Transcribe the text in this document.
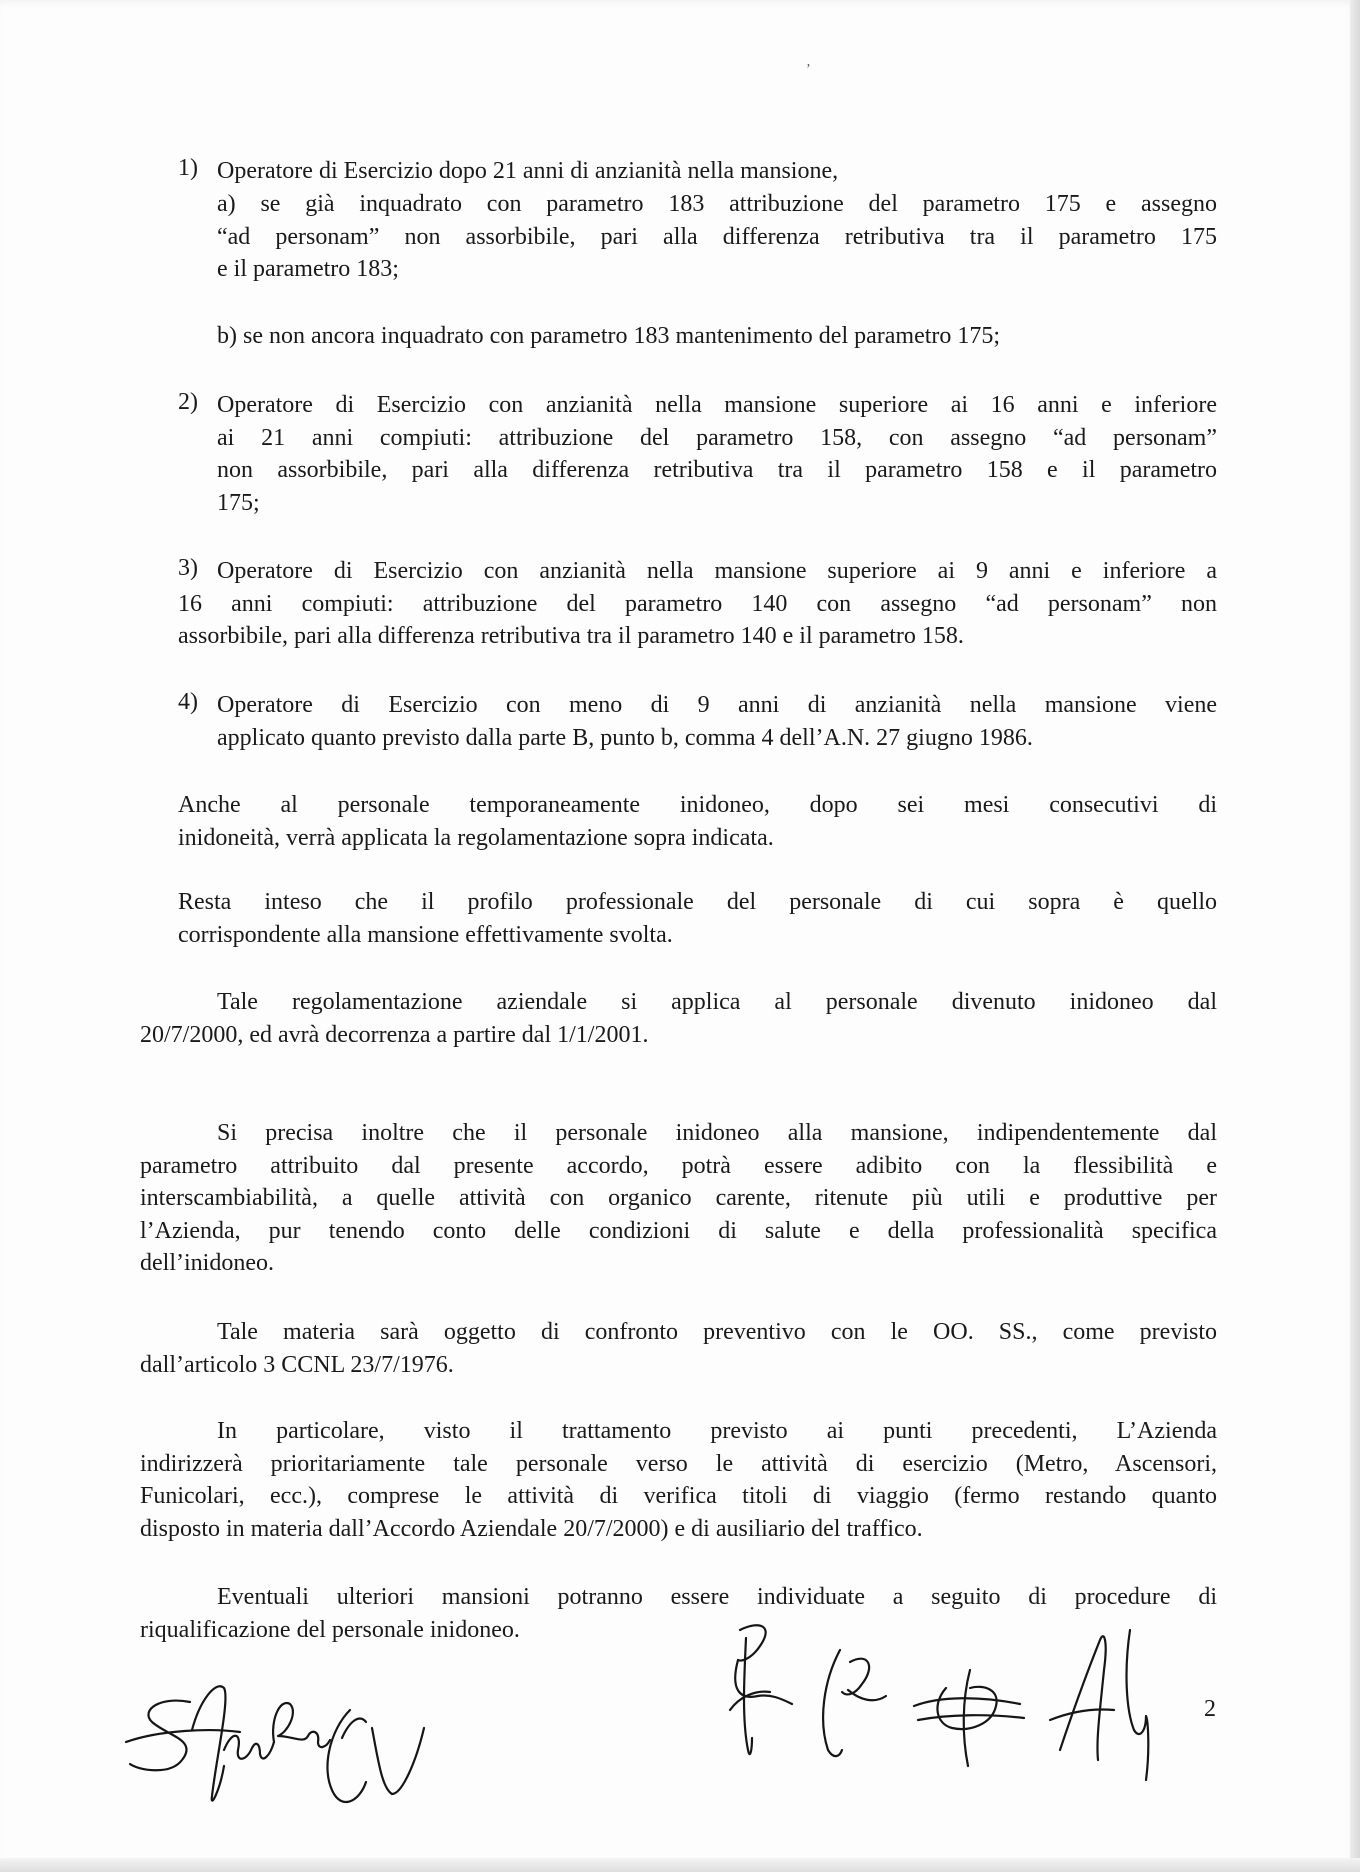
ʼ
1) Operatore di Esercizio dopo 21 anni di anzianità nella mansione,
a) se già inquadrato con parametro 183 attribuzione del parametro 175 e assegno
“ad personam” non assorbibile, pari alla differenza retributiva tra il parametro 175
e il parametro 183;
b) se non ancora inquadrato con parametro 183 mantenimento del parametro 175;
2) Operatore di Esercizio con anzianità nella mansione superiore ai 16 anni e inferiore
ai 21 anni compiuti: attribuzione del parametro 158, con assegno “ad personam”
non assorbibile, pari alla differenza retributiva tra il parametro 158 e il parametro
175;
3) Operatore di Esercizio con anzianità nella mansione superiore ai 9 anni e inferiore a
16 anni compiuti: attribuzione del parametro 140 con assegno “ad personam” non
assorbibile, pari alla differenza retributiva tra il parametro 140 e il parametro 158.
4) Operatore di Esercizio con meno di 9 anni di anzianità nella mansione viene
applicato quanto previsto dalla parte B, punto b, comma 4 dell’A.N. 27 giugno 1986.
Anche al personale temporaneamente inidoneo, dopo sei mesi consecutivi di
inidoneità, verrà applicata la regolamentazione sopra indicata.
Resta inteso che il profilo professionale del personale di cui sopra è quello
corrispondente alla mansione effettivamente svolta.
Tale regolamentazione aziendale si applica al personale divenuto inidoneo dal
20/7/2000, ed avrà decorrenza a partire dal 1/1/2001.
Si precisa inoltre che il personale inidoneo alla mansione, indipendentemente dal
parametro attribuito dal presente accordo, potrà essere adibito con la flessibilità e
interscambiabilità, a quelle attività con organico carente, ritenute più utili e produttive per
l’Azienda, pur tenendo conto delle condizioni di salute e della professionalità specifica
dell’inidoneo.
Tale materia sarà oggetto di confronto preventivo con le OO. SS., come previsto
dall’articolo 3 CCNL 23/7/1976.
In particolare, visto il trattamento previsto ai punti precedenti, L’Azienda
indirizzerà prioritariamente tale personale verso le attività di esercizio (Metro, Ascensori,
Funicolari, ecc.), comprese le attività di verifica titoli di viaggio (fermo restando quanto
disposto in materia dall’Accordo Aziendale 20/7/2000) e di ausiliario del traffico.
Eventuali ulteriori mansioni potranno essere individuate a seguito di procedure di
riqualificazione del personale inidoneo.
2
